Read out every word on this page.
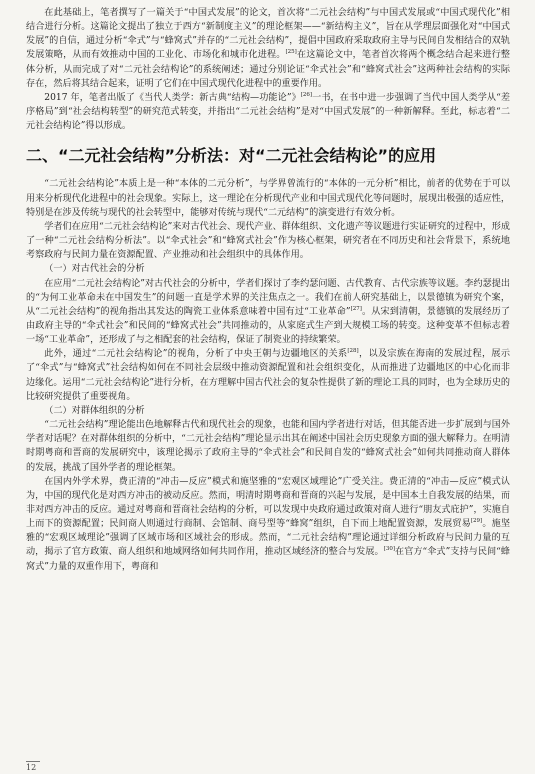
在此基础上，笔者撰写了一篇关于“中国式发展”的论文，首次将“二元社会结构”与中国式发展或“中国式现代化”相结合进行分析。这篇论文提出了独立于西方“新制度主义”的理论框架——“新结构主义”，旨在从学理层面强化对“中国式发展”的自信，通过分析“伞式”与“蜂窝式”并存的“二元社会结构”，提倡中国政府采取政府主导与民间自发相结合的双轨发展策略，从而有效推动中国的工业化、市场化和城市化进程。[25]在这篇论文中，笔者首次将两个概念结合起来进行整体分析，从而完成了对“二元社会结构论”的系统阐述；通过分别论证“伞式社会”和“蜂窝式社会”这两种社会结构的实际存在，然后将其结合起来，证明了它们在中国式现代化进程中的重要作用。

2017 年，笔者出版了《当代人类学：新古典“结构—功能论”》[26]一书，在书中进一步强调了当代中国人类学从“差序格局”到“社会结构转型”的研究范式转变，并指出“二元社会结构”是对“中国式发展”的一种新解释。至此，标志着“二元社会结构论”得以形成。

二、“二元社会结构”分析法：对“二元社会结构论”的应用

“二元社会结构论”本质上是一种“本体的二元分析”，与学界曾流行的“本体的一元分析”相比，前者的优势在于可以用来分析现代化进程中的社会现象。实际上，这一理论在分析现代产业和中国式现代化等问题时，展现出极强的适应性，特别是在涉及传统与现代的社会转型中，能够对传统与现代“二元结构”的演变进行有效分析。

学者们在应用“二元社会结构论”来对古代社会、现代产业、群体组织、文化遗产等议题进行实证研究的过程中，形成了一种“二元社会结构分析法”。以“伞式社会”和“蜂窝式社会”作为核心框架，研究者在不同历史和社会背景下，系统地考察政府与民间力量在资源配置、产业推动和社会组织中的具体作用。

（一）对古代社会的分析

在应用“二元社会结构论”对古代社会的分析中，学者们探讨了李约瑟问题、古代教育、古代宗族等议题。李约瑟提出的“为何工业革命未在中国发生”的问题一直是学术界的关注焦点之一。我们在前人研究基础上，以景德镇为研究个案，从“二元社会结构”的视角指出其发达的陶瓷工业体系意味着中国有过“工业革命”[27]。从宋到清朝，景德镇的发展经历了由政府主导的“伞式社会”和民间的“蜂窝式社会”共同推动的，从家庭式生产到大规模工场的转变。这种变革不但标志着一场“工业革命”，还形成了与之相配套的社会结构，保证了制瓷业的持续繁荣。

此外，通过“二元社会结构论”的视角，分析了中央王朝与边疆地区的关系[28]，以及宗族在海南的发展过程，展示了“伞式”与“蜂窝式”社会结构如何在不同社会层级中推动资源配置和社会组织变化，从而推进了边疆地区的中心化而非边缘化。运用“二元社会结构论”进行分析，在方理解中国古代社会的复杂性提供了新的理论工具的同时，也为全球历史的比较研究提供了重要视角。

（二）对群体组织的分析

“二元社会结构”理论能出色地解释古代和现代社会的现象，也能和国内学者进行对话，但其能否进一步扩展到与国外学者对话呢？在对群体组织的分析中，“二元社会结构”理论显示出其在阐述中国社会历史现象方面的强大解释力。在明清时期粤商和晋商的发展研究中，该理论揭示了政府主导的“伞式社会”和民间自发的“蜂窝式社会”如何共同推动商人群体的发展，挑战了国外学者的理论框架。

在国内外学术界，费正清的“冲击—反应”模式和施坚雅的“宏观区域理论”广受关注。费正清的“冲击—反应”模式认为，中国的现代化是对西方冲击的被动反应。然而，明清时期粤商和晋商的兴起与发展，是中国本土自我发展的结果，而非对西方冲击的反应。通过对粤商和晋商社会结构的分析，可以发现中央政府通过政策对商人进行“朋友式庇护”，实施自上而下的资源配置；民间商人则通过行商制、会馆制、商号型等“蜂窝”组织，自下而上地配置资源，发展贸易[29]。施坚雅的“宏观区域理论”强调了区域市场和区域社会的形成。然而，“二元社会结构”理论通过详细分析政府与民间力量的互动，揭示了官方政策、商人组织和地域网络如何共同作用，推动区域经济的整合与发展。[30]在官方“伞式”支持与民间“蜂窝式”力量的双重作用下，粤商和

12
